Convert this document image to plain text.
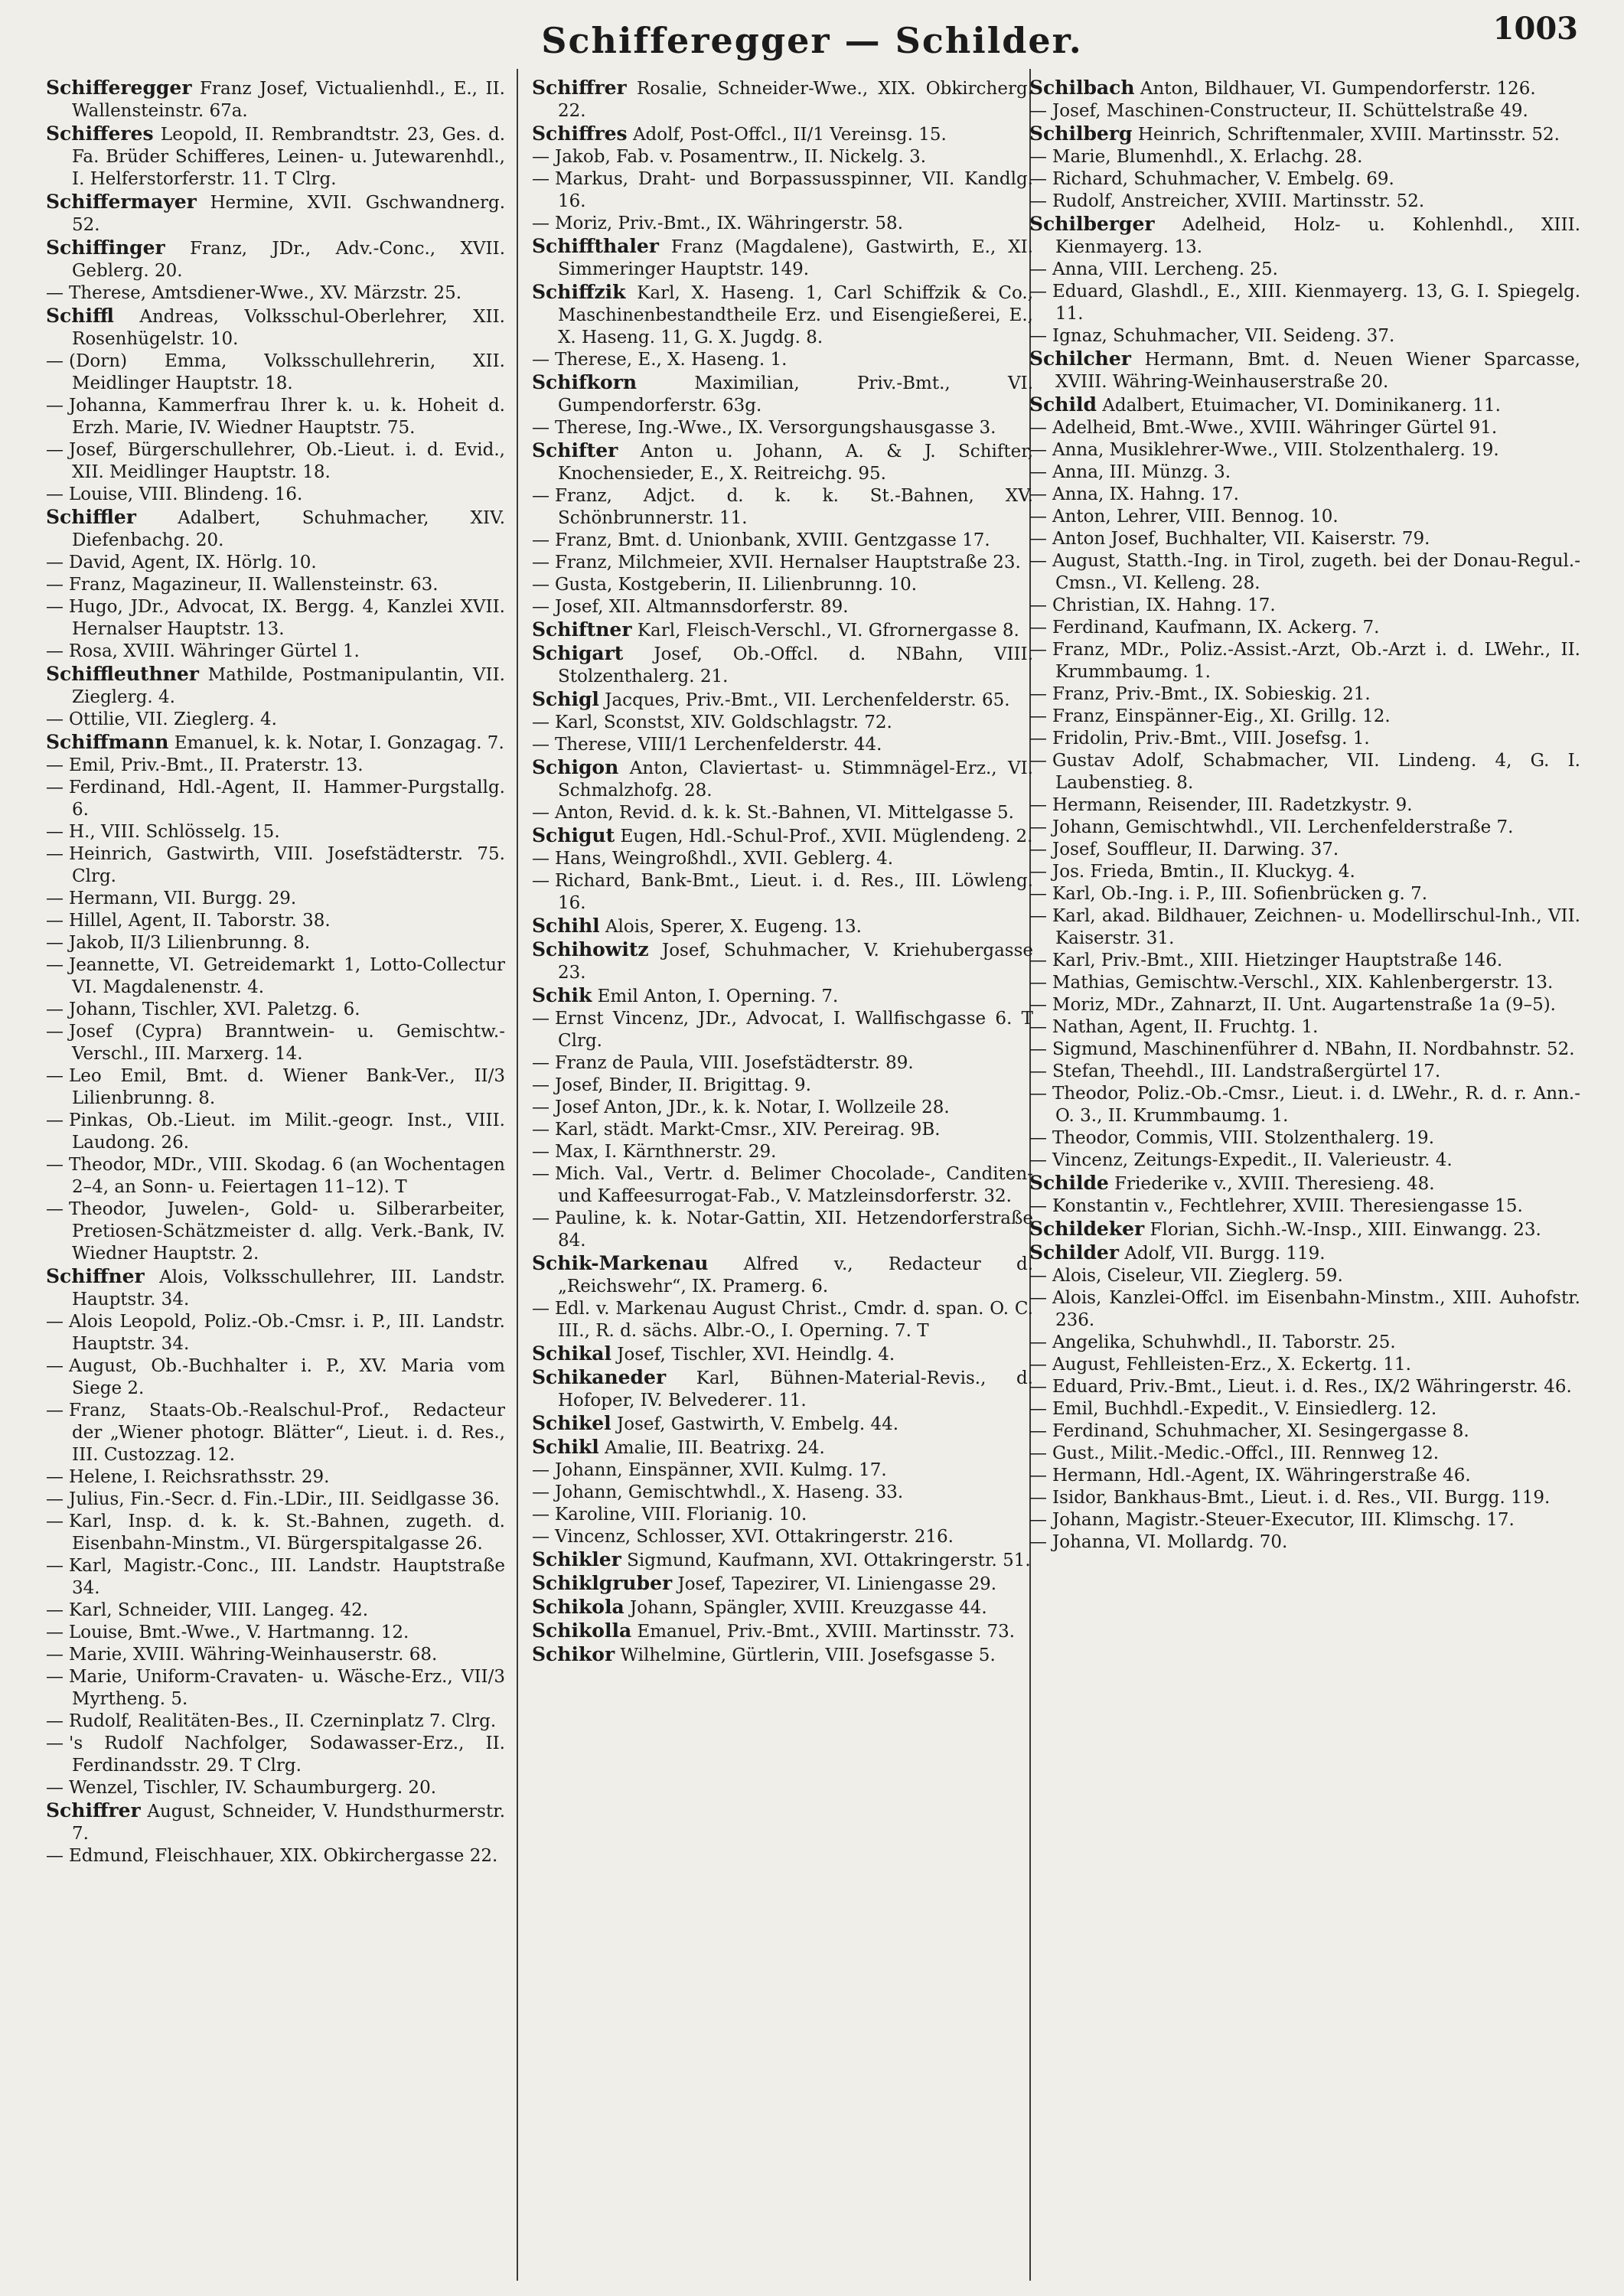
Schifferegger — Schilder.	1003
Schifferegger Franz Josef, Victualienhdl., E., II. Wallensteinstr. 67a.
Schifferes Leopold, II. Rembrandtstr. 23, Ges. d. Fa. Brüder Schifferes, Leinen- u. Jutewarenhdl., I. Helferstorferstr. 11. T Clrg.
Schiffermayer Hermine, XVII. Gschwandnerg. 52.
Schiffinger Franz, JDr., Adv.-Conc., XVII. Geblerg. 20.
— Therese, Amtsdiener-Wwe., XV. Märzstr. 25.
Schiffl Andreas, Volksschul-Oberlehrer, XII. Rosenhügelstr. 10.
— (Dorn) Emma, Volksschullehrerin, XII. Meidlinger Hauptstr. 18.
— Johanna, Kammerfrau Ihrer k. u. k. Hoheit d. Erzh. Marie, IV. Wiedner Hauptstr. 75.
— Josef, Bürgerschullehrer, Ob.-Lieut. i. d. Evid., XII. Meidlinger Hauptstr. 18.
— Louise, VIII. Blindeng. 16.
Schiffler Adalbert, Schuhmacher, XIV. Diefenbachg. 20.
— David, Agent, IX. Hörlg. 10.
— Franz, Magazineur, II. Wallensteinstr. 63.
— Hugo, JDr., Advocat, IX. Bergg. 4, Kanzlei XVII. Hernalser Hauptstr. 13.
— Rosa, XVIII. Währinger Gürtel 1.
Schiffleuthner Mathilde, Postmanipulantin, VII. Zieglerg. 4.
— Ottilie, VII. Zieglerg. 4.
Schiffmann Emanuel, k. k. Notar, I. Gonzagag. 7.
— Emil, Priv.-Bmt., II. Praterstr. 13.
— Ferdinand, Hdl.-Agent, II. Hammer-Purgstallg. 6.
— H., VIII. Schlösselg. 15.
— Heinrich, Gastwirth, VIII. Josefstädterstr. 75. Clrg.
— Hermann, VII. Burgg. 29.
— Hillel, Agent, II. Taborstr. 38.
— Jakob, II/3 Lilienbrunng. 8.
— Jeannette, VI. Getreidemarkt 1, Lotto-Collectur VI. Magdalenenstr. 4.
— Johann, Tischler, XVI. Paletzg. 6.
— Josef (Cypra) Branntwein- u. Gemischtw.-Verschl., III. Marxerg. 14.
— Leo Emil, Bmt. d. Wiener Bank-Ver., II/3 Lilienbrunng. 8.
— Pinkas, Ob.-Lieut. im Milit.-geogr. Inst., VIII. Laudong. 26.
— Theodor, MDr., VIII. Skodag. 6 (an Wochentagen 2–4, an Sonn- u. Feiertagen 11–12). T
— Theodor, Juwelen-, Gold- u. Silberarbeiter, Pretiosen-Schätzmeister d. allg. Verk.-Bank, IV. Wiedner Hauptstr. 2.
Schiffner Alois, Volksschullehrer, III. Landstr. Hauptstr. 34.
— Alois Leopold, Poliz.-Ob.-Cmsr. i. P., III. Landstr. Hauptstr. 34.
— August, Ob.-Buchhalter i. P., XV. Maria vom Siege 2.
— Franz, Staats-Ob.-Realschul-Prof., Redacteur der „Wiener photogr. Blätter“, Lieut. i. d. Res., III. Custozzag. 12.
— Helene, I. Reichsrathsstr. 29.
— Julius, Fin.-Secr. d. Fin.-LDir., III. Seidlgasse 36.
— Karl, Insp. d. k. k. St.-Bahnen, zugeth. d. Eisenbahn-Minstm., VI. Bürgerspitalgasse 26.
— Karl, Magistr.-Conc., III. Landstr. Hauptstraße 34.
— Karl, Schneider, VIII. Langeg. 42.
— Louise, Bmt.-Wwe., V. Hartmanng. 12.
— Marie, XVIII. Währing-Weinhauserstr. 68.
— Marie, Uniform-Cravaten- u. Wäsche-Erz., VII/3 Myrtheng. 5.
— Rudolf, Realitäten-Bes., II. Czerninplatz 7. Clrg.
— 's Rudolf Nachfolger, Sodawasser-Erz., II. Ferdinandsstr. 29. T Clrg.
— Wenzel, Tischler, IV. Schaumburgerg. 20.
Schiffrer August, Schneider, V. Hundsthurmerstr. 7.
— Edmund, Fleischhauer, XIX. Obkirchergasse 22.
Schiffrer Rosalie, Schneider-Wwe., XIX. Obkircherg. 22.
Schiffres Adolf, Post-Offcl., II/1 Vereinsg. 15.
— Jakob, Fab. v. Posamentrw., II. Nickelg. 3.
— Markus, Draht- und Borpassusspinner, VII. Kandlg. 16.
— Moriz, Priv.-Bmt., IX. Währingerstr. 58.
Schiffthaler Franz (Magdalene), Gastwirth, E., XI. Simmeringer Hauptstr. 149.
Schiffzik Karl, X. Haseng. 1, Carl Schiffzik & Co., Maschinenbestandtheile Erz. und Eisengießerei, E., X. Haseng. 11, G. X. Jugdg. 8.
— Therese, E., X. Haseng. 1.
Schifkorn	Maximilian, Priv.-Bmt., VI. Gumpendorferstr. 63g.
— Therese, Ing.-Wwe., IX. Versorgungshausgasse 3.
Schifter Anton u. Johann, A. & J. Schifter, Knochensieder, E., X. Reitreichg. 95.
— Franz, Adjct. d. k. k. St.-Bahnen, XV. Schönbrunnerstr. 11.
— Franz, Bmt. d. Unionbank, XVIII. Gentzgasse 17.
— Franz, Milchmeier, XVII. Hernalser Hauptstraße 23.
— Gusta, Kostgeberin, II. Lilienbrunng. 10.
— Josef, XII. Altmannsdorferstr. 89.
Schiftner Karl, Fleisch-Verschl., VI. Gfrornergasse 8.
Schigart Josef, Ob.-Offcl. d. NBahn, VIII. Stolzenthalerg. 21.
Schigl Jacques, Priv.-Bmt., VII. Lerchenfelderstr. 65.
— Karl, Sconstst, XIV. Goldschlagstr. 72.
— Therese, VIII/1 Lerchenfelderstr. 44.
Schigon Anton, Claviertast- u. Stimmnägel-Erz., VI. Schmalzhofg. 28.
— Anton, Revid. d. k. k. St.-Bahnen, VI. Mittelgasse 5.
Schigut Eugen, Hdl.-Schul-Prof., XVII. Müglendeng. 2.
— Hans, Weingroßhdl., XVII. Geblerg. 4.
— Richard, Bank-Bmt., Lieut. i. d. Res., III. Löwleng. 16.
Schihl Alois, Sperer, X. Eugeng. 13.
Schihowitz Josef, Schuhmacher, V. Kriehubergasse 23.
Schik Emil Anton, I. Operning. 7.
— Ernst Vincenz, JDr., Advocat, I. Wallfischgasse 6. T Clrg.
— Franz de Paula, VIII. Josefstädterstr. 89.
— Josef, Binder, II. Brigittag. 9.
— Josef Anton, JDr., k. k. Notar, I. Wollzeile 28.
— Karl, städt. Markt-Cmsr., XIV. Pereirag. 9B.
— Max, I. Kärnthnerstr. 29.
— Mich. Val., Vertr. d. Belimer Chocolade-, Canditen- und Kaffeesurrogat-Fab., V. Matzleinsdorferstr. 32.
— Pauline, k. k. Notar-Gattin, XII. Hetzendorferstraße 84.
Schik-Markenau Alfred v., Redacteur d. „Reichswehr“, IX. Pramerg. 6.
— Edl. v. Markenau August Christ., Cmdr. d. span. O. C. III., R. d. sächs. Albr.-O., I. Operning. 7. T
Schikal Josef, Tischler, XVI. Heindlg. 4.
Schikaneder Karl, Bühnen-Material-Revis., d. Hofoper, IV. Belvederег. 11.
Schikel Josef, Gastwirth, V. Embelg. 44.
Schikl Amalie, III. Beatrixg. 24.
— Johann, Einspänner, XVII. Kulmg. 17.
— Johann, Gemischtwhdl., X. Haseng. 33.
— Karoline, VIII. Florianig. 10.
— Vincenz, Schlosser, XVI. Ottakringerstr. 216.
Schikler Sigmund, Kaufmann, XVI. Ottakringerstr. 51.
Schiklgruber Josef, Tapezirer, VI. Liniengasse 29.
Schikola Johann, Spängler, XVIII. Kreuzgasse 44.
Schikolla Emanuel, Priv.-Bmt., XVIII. Martinsstr. 73.
Schikor Wilhelmine, Gürtlerin, VIII. Josefsgasse 5.
Schilbach Anton, Bildhauer, VI. Gumpendorferstr. 126.
— Josef, Maschinen-Constructeur, II. Schüttelstraße 49.
Schilberg Heinrich, Schriftenmaler, XVIII. Martinsstr. 52.
— Marie, Blumenhdl., X. Erlachg. 28.
— Richard, Schuhmacher, V. Embelg. 69.
— Rudolf, Anstreicher, XVIII. Martinsstr. 52.
Schilberger Adelheid, Holz- u. Kohlenhdl., XIII. Kienmayerg. 13.
— Anna, VIII. Lercheng. 25.
— Eduard, Glashdl., E., XIII. Kienmayerg. 13, G. I. Spiegelg. 11.
— Ignaz, Schuhmacher, VII. Seideng. 37.
Schilcher Hermann, Bmt. d. Neuen Wiener Sparcasse, XVIII. Währing-Weinhauserstraße 20.
Schild Adalbert, Etuimacher, VI. Dominikanerg. 11.
— Adelheid, Bmt.-Wwe., XVIII. Währinger Gürtel 91.
— Anna, Musiklehrer-Wwe., VIII. Stolzenthalerg. 19.
— Anna, III. Münzg. 3.
— Anna, IX. Hahng. 17.
— Anton, Lehrer, VIII. Bennog. 10.
— Anton Josef, Buchhalter, VII. Kaiserstr. 79.
— August, Statth.-Ing. in Tirol, zugeth. bei der Donau-Regul.-Cmsn., VI. Kelleng. 28.
— Christian, IX. Hahng. 17.
— Ferdinand, Kaufmann, IX. Ackerg. 7.
— Franz, MDr., Poliz.-Assist.-Arzt, Ob.-Arzt i. d. LWehr., II. Krummbaumg. 1.
— Franz, Priv.-Bmt., IX. Sobieskig. 21.
— Franz, Einspänner-Eig., XI. Grillg. 12.
— Fridolin, Priv.-Bmt., VIII. Josefsg. 1.
— Gustav Adolf, Schabmacher, VII. Lindeng. 4, G. I. Laubenstieg. 8.
— Hermann, Reisender, III. Radetzkystr. 9.
— Johann, Gemischtwhdl., VII. Lerchenfelderstraße 7.
— Josef, Souffleur, II. Darwing. 37.
— Jos. Frieda, Bmtin., II. Kluckyg. 4.
— Karl, Ob.-Ing. i. P., III. Sofienbrücken g. 7.
— Karl, akad. Bildhauer, Zeichnen- u. Modellirschul-Inh., VII. Kaiserstr. 31.
— Karl, Priv.-Bmt., XIII. Hietzinger Hauptstraße 146.
— Mathias, Gemischtw.-Verschl., XIX. Kahlenbergerstr. 13.
— Moriz, MDr., Zahnarzt, II. Unt. Augartenstraße 1a (9–5).
— Nathan, Agent, II. Fruchtg. 1.
— Sigmund, Maschinenführer d. NBahn, II. Nordbahnstr. 52.
— Stefan, Theehdl., III. Landstraßergürtel 17.
— Theodor, Poliz.-Ob.-Cmsr., Lieut. i. d. LWehr., R. d. r. Ann.-O. 3., II. Krummbaumg. 1.
— Theodor, Commis, VIII. Stolzenthalerg. 19.
— Vincenz, Zeitungs-Expedit., II. Valerieustr. 4.
Schilde Friederike v., XVIII. Theresieng. 48.
— Konstantin v., Fechtlehrer, XVIII. Theresiengasse 15.
Schildeker Florian, Sichh.-W.-Insp., XIII. Einwangg. 23.
Schilder Adolf, VII. Burgg. 119.
— Alois, Ciseleur, VII. Zieglerg. 59.
— Alois, Kanzlei-Offcl. im Eisenbahn-Minstm., XIII. Auhofstr. 236.
— Angelika, Schuhwhdl., II. Taborstr. 25.
— August, Fehlleisten-Erz., X. Eckertg. 11.
— Eduard, Priv.-Bmt., Lieut. i. d. Res., IX/2 Währingerstr. 46.
— Emil, Buchhdl.-Expedit., V. Einsiedlerg. 12.
— Ferdinand, Schuhmacher, XI. Sesingergasse 8.
— Gust., Milit.-Medic.-Offcl., III. Rennweg 12.
— Hermann, Hdl.-Agent, IX. Währingerstraße 46.
— Isidor, Bankhaus-Bmt., Lieut. i. d. Res., VII. Burgg. 119.
— Johann, Magistr.-Steuer-Executor, III. Klimschg. 17.
— Johanna, VI. Mollardg. 70.
